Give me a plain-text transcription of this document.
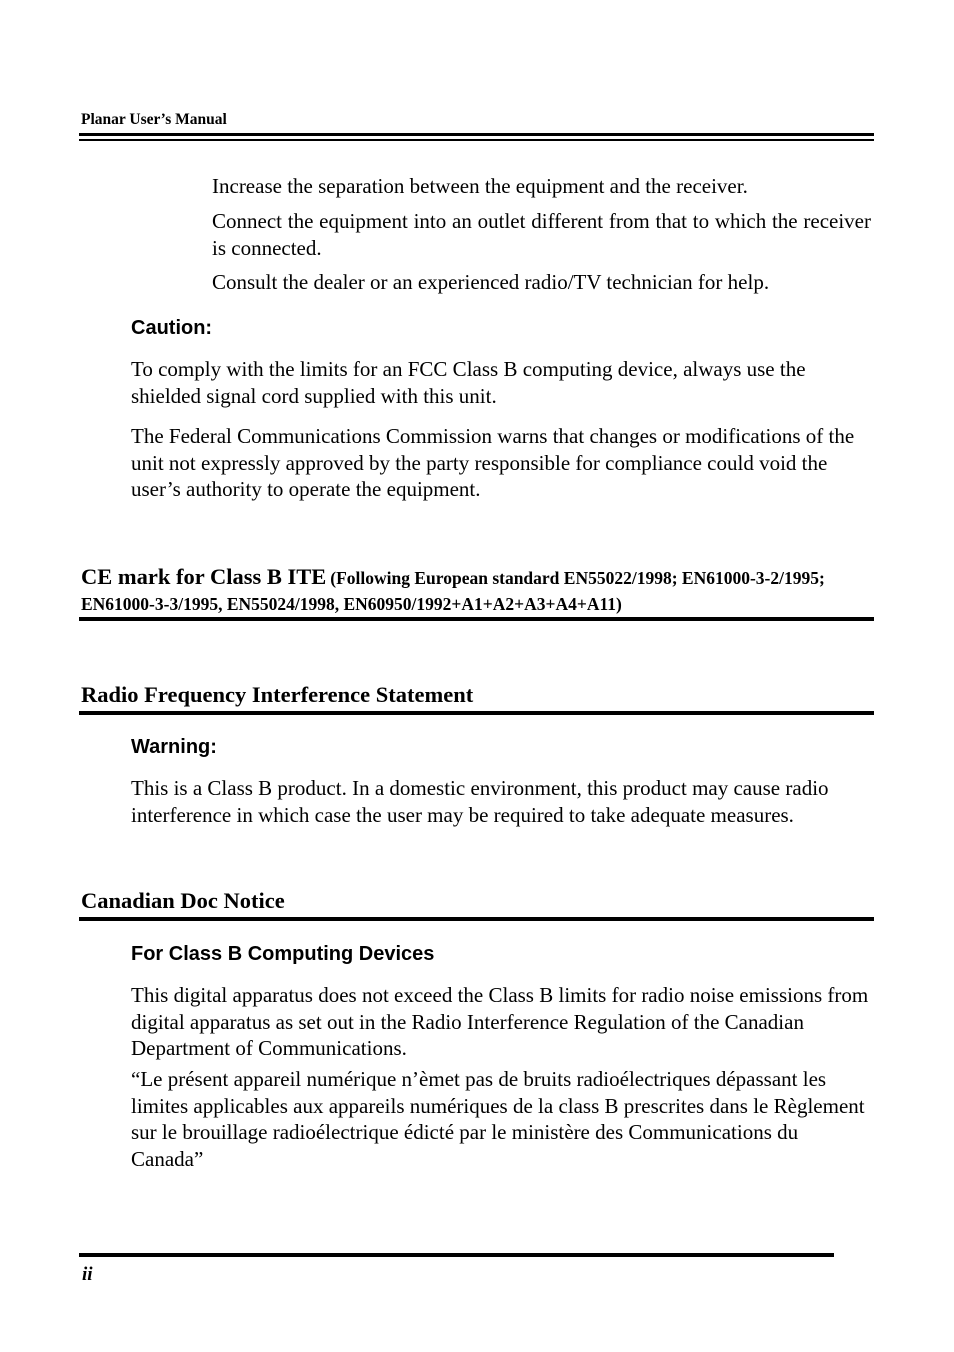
Planar User’s Manual
Increase the separation between the equipment and the receiver.
Connect the equipment into an outlet different from that to which the receiver is connected.
Consult the dealer or an experienced radio/TV technician for help.
Caution:
To comply with the limits for an FCC Class B computing device, always use the shielded signal cord supplied with this unit.
The Federal Communications Commission warns that changes or modifications of the unit not expressly approved by the party responsible for compliance could void the user’s authority to operate the equipment.
CE mark for Class B ITE (Following European standard EN55022/1998; EN61000-3-2/1995; EN61000-3-3/1995, EN55024/1998, EN60950/1992+A1+A2+A3+A4+A11)
Radio Frequency Interference Statement
Warning:
This is a Class B product. In a domestic environment, this product may cause radio interference in which case the user may be required to take adequate measures.
Canadian Doc Notice
For Class B Computing Devices
This digital apparatus does not exceed the Class B limits for radio noise emissions from digital apparatus as set out in the Radio Interference Regulation of the Canadian Department of Communications.
“Le présent appareil numérique n’èmet pas de bruits radioélectriques dépassant les limites applicables aux appareils numériques de la class B prescrites dans le Règlement sur le brouillage radioélectrique édicté par le ministère des Communications du Canada”
ii
